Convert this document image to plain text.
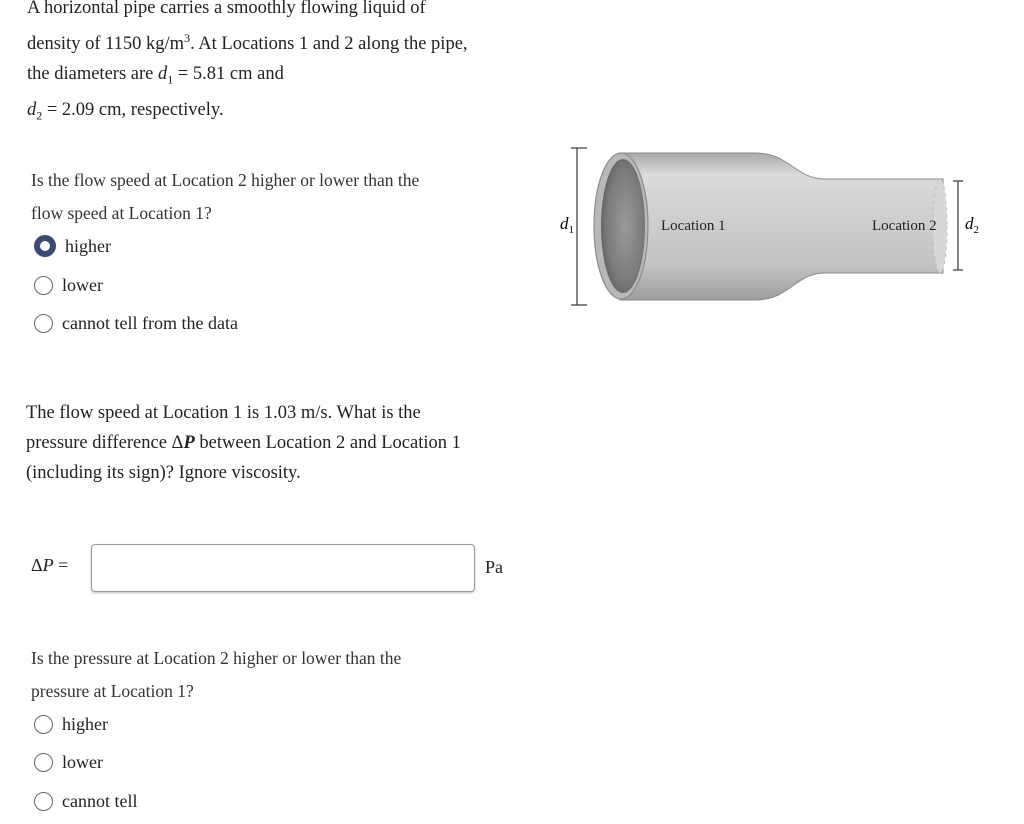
A horizontal pipe carries a smoothly flowing liquid of
density of 1150 $kg/m^3$. At Locations 1 and 2 along the pipe,
the diameters are $d_1 = 5.81$ cm and
$d_2 = 2.09$ cm, respectively.
Is the flow speed at Location 2 higher or lower than the
flow speed at Location 1?
higher
lower
cannot tell from the data
The flow speed at Location 1 is 1.03 m/s. What is the
pressure difference ΔP between Location 2 and Location 1
(including its sign)? Ignore viscosity.
ΔP =	Pa
Is the pressure at Location 2 higher or lower than the
pressure at Location 1?
higher
lower
cannot tell
$d_1$	Location 1	Location 2 $d_2$
